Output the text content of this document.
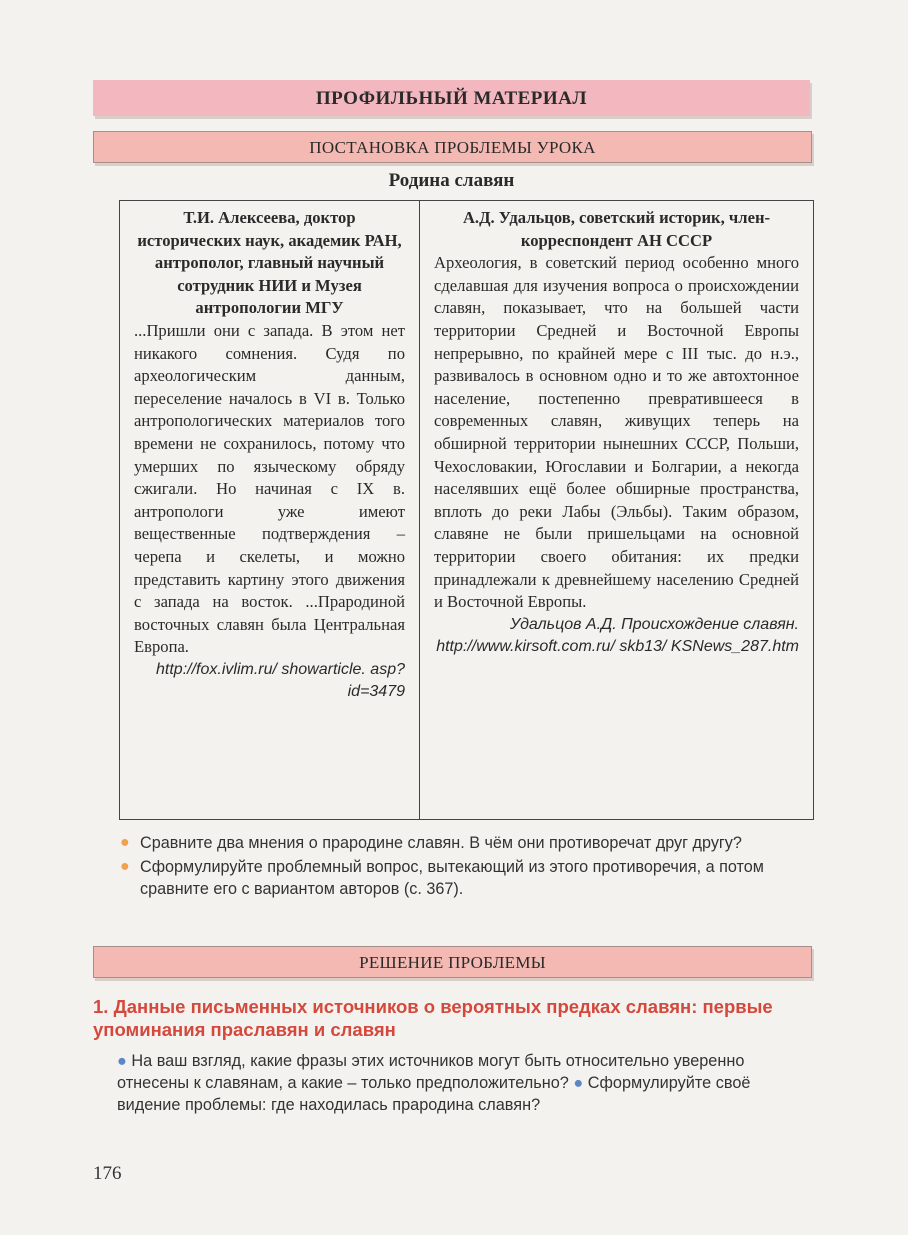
ПРОФИЛЬНЫЙ МАТЕРИАЛ
ПОСТАНОВКА ПРОБЛЕМЫ УРОКА
Родина славян
Т.И. Алексеева, доктор исторических наук, академик РАН, антрополог, главный научный сотрудник НИИ и Музея антропологии МГУ
...Пришли они с запада. В этом нет никакого сомнения. Судя по археологическим данным, переселение началось в VI в. Только антропологических материалов того времени не сохранилось, потому что умерших по языческому обряду сжигали. Но начиная с IX в. антропологи уже имеют вещественные подтверждения – черепа и скелеты, и можно представить картину этого движения с запада на восток. ...Прародиной восточных славян была Центральная Европа.
http://fox.ivlim.ru/ showarticle. asp?id=3479
А.Д. Удальцов, советский историк, член-корреспондент АН СССР
Археология, в советский период особенно много сделавшая для изучения вопроса о происхождении славян, показывает, что на большей части территории Средней и Восточной Европы непрерывно, по крайней мере с III тыс. до н.э., развивалось в основном одно и то же автохтонное население, постепенно превратившееся в современных славян, живущих теперь на обширной территории нынешних СССР, Польши, Чехословакии, Югославии и Болгарии, а некогда населявших ещё более обширные пространства, вплоть до реки Лабы (Эльбы). Таким образом, славяне не были пришельцами на основной территории своего обитания: их предки принадлежали к древнейшему населению Средней и Восточной Европы.
Удальцов А.Д. Происхождение славян. http://www.kirsoft.com.ru/ skb13/ KSNews_287.htm
● Сравните два мнения о прародине славян. В чём они противоречат друг другу?
● Сформулируйте проблемный вопрос, вытекающий из этого противоречия, а потом сравните его с вариантом авторов (с. 367).
РЕШЕНИЕ ПРОБЛЕМЫ
1. Данные письменных источников о вероятных предках славян: первые упоминания праславян и славян
● На ваш взгляд, какие фразы этих источников могут быть относительно уверенно отнесены к славянам, а какие – только предположительно? ● Сформулируйте своё видение проблемы: где находилась прародина славян?
176
